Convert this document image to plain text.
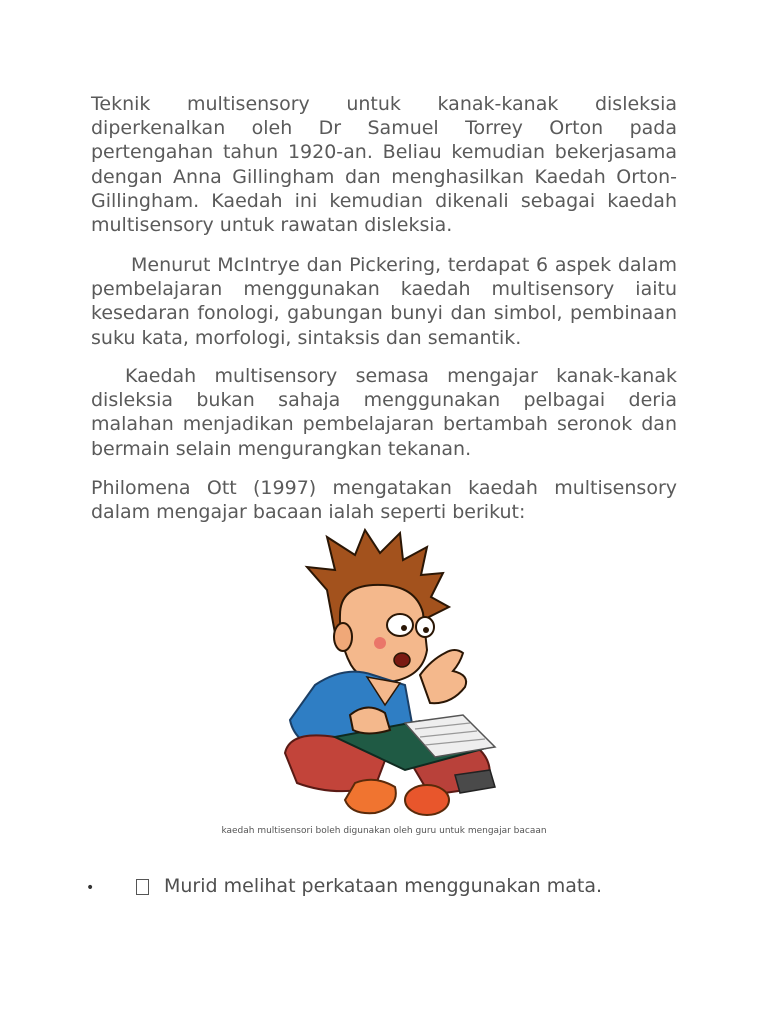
Teknik multisensory untuk kanak-kanak disleksia diperkenalkan oleh Dr Samuel Torrey Orton pada pertengahan tahun 1920-an. Beliau kemudian bekerjasama dengan Anna Gillingham dan menghasilkan Kaedah Orton-Gillingham. Kaedah ini kemudian dikenali sebagai kaedah multisensory untuk rawatan disleksia.

Menurut McIntrye dan Pickering, terdapat 6 aspek dalam pembelajaran menggunakan kaedah multisensory iaitu kesedaran fonologi, gabungan bunyi dan simbol, pembinaan suku kata, morfologi, sintaksis dan semantik.

Kaedah multisensory semasa mengajar kanak-kanak disleksia bukan sahaja menggunakan pelbagai deria malahan menjadikan pembelajaran bertambah seronok dan bermain selain mengurangkan tekanan.

Philomena Ott (1997) mengatakan kaedah multisensory dalam mengajar bacaan ialah seperti berikut:

kaedah multisensori boleh digunakan oleh guru untuk mengajar bacaan

•	Murid melihat perkataan menggunakan mata.
